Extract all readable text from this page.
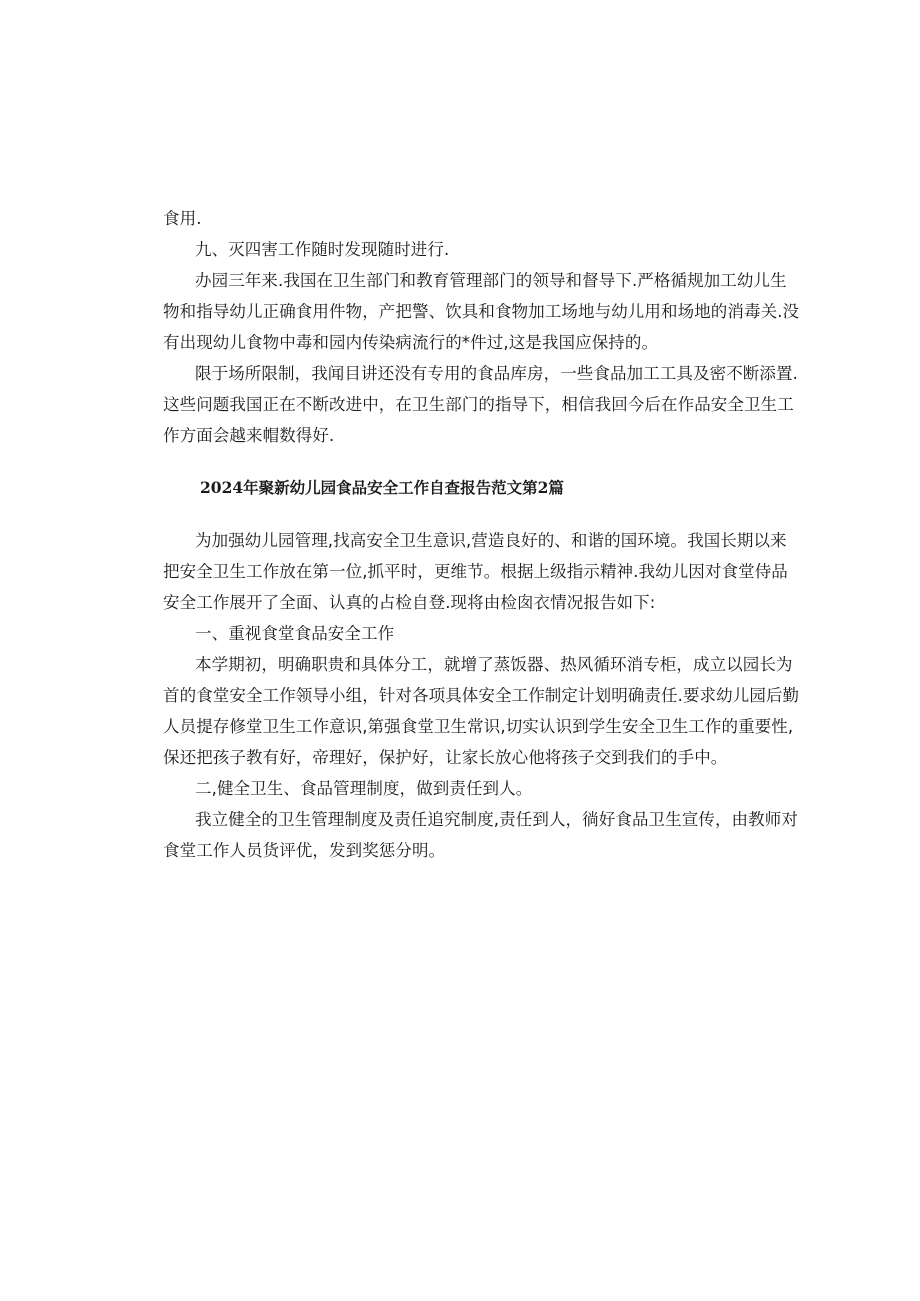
食用.

九、灭四害工作随时发现随时进行.

办园三年来.我国在卫生部门和教育管理部门的领导和督导下.严格循规加工幼儿生

物和指导幼儿正确食用件物，产把警、饮具和食物加工场地与幼儿用和场地的消毒关.没

有出现幼儿食物中毒和园内传染病流行的*件过,这是我国应保持的。

限于场所限制，我闻目讲还没有专用的食品库房，一些食品加工工具及密不断添置.

这些问题我国正在不断改进中，在卫生部门的指导下，相信我回今后在作品安全卫生工

作方面会越来帽数得好.

2024年聚新幼儿园食品安全工作自查报告范文第2篇

为加强幼儿园管理,找高安全卫生意识,营造良好的、和谐的国环境。我国长期以来

把安全卫生工作放在第一位,抓平时，更维节。根据上级指示精神.我幼儿因对食堂侍品

安全工作展开了全面、认真的占检自登.现将由检囱衣情况报告如下:

一、重视食堂食品安全工作

本学期初，明确职贵和具体分工，就增了蒸饭器、热风循环消专柜，成立以园长为

首的食堂安全工作领导小组，针对各项具体安全工作制定计划明确责任.要求幼儿园后勤

人员提存修堂卫生工作意识,第强食堂卫生常识,切实认识到学生安全卫生工作的重要性,

保还把孩子教有好，帝理好，保护好，让家长放心他将孩子交到我们的手中。

二,健全卫生、食品管理制度，做到责任到人。

我立健全的卫生管理制度及责任追究制度,责任到人，徜好食品卫生宣传，由教师对

食堂工作人员货评优，发到奖惩分明。
